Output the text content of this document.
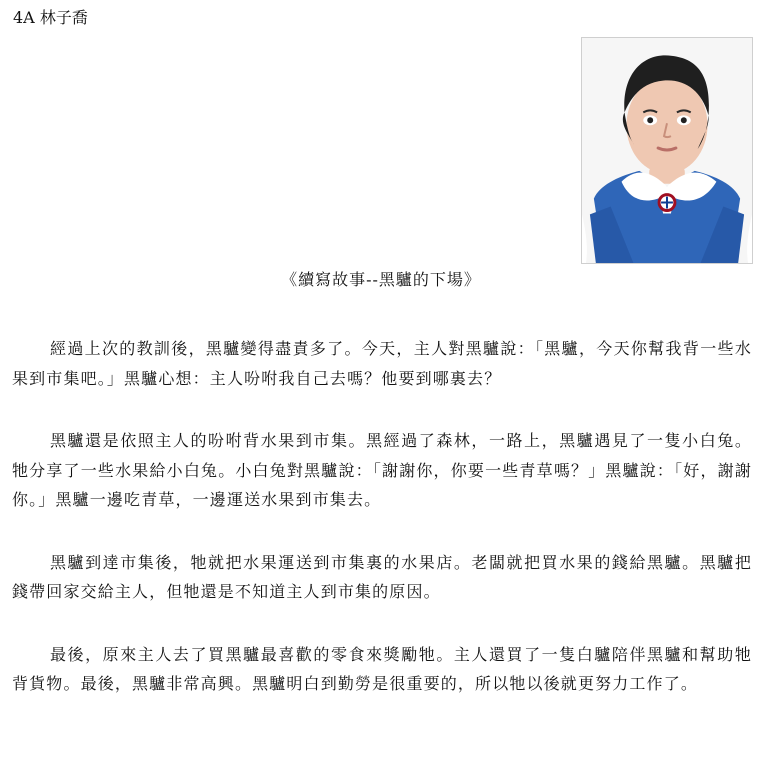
4A 林子喬
《續寫故事--黑驢的下場》

經過上次的教訓後，黑驢變得盡責多了。今天，主人對黑驢說：「黑驢，今天你幫我背一些水果到市集吧。」黑驢心想：主人吩咐我自己去嗎？他要到哪裏去？

黑驢還是依照主人的吩咐背水果到市集。黑經過了森林，一路上，黑驢遇見了一隻小白兔。牠分享了一些水果給小白兔。小白兔對黑驢說：「謝謝你，你要一些青草嗎？」黑驢說：「好，謝謝你。」黑驢一邊吃青草，一邊運送水果到市集去。

黑驢到達市集後，牠就把水果運送到市集裏的水果店。老闆就把買水果的錢給黑驢。黑驢把錢帶回家交給主人，但牠還是不知道主人到市集的原因。

最後，原來主人去了買黑驢最喜歡的零食來獎勵牠。主人還買了一隻白驢陪伴黑驢和幫助牠背貨物。最後，黑驢非常高興。黑驢明白到勤勞是很重要的，所以牠以後就更努力工作了。
